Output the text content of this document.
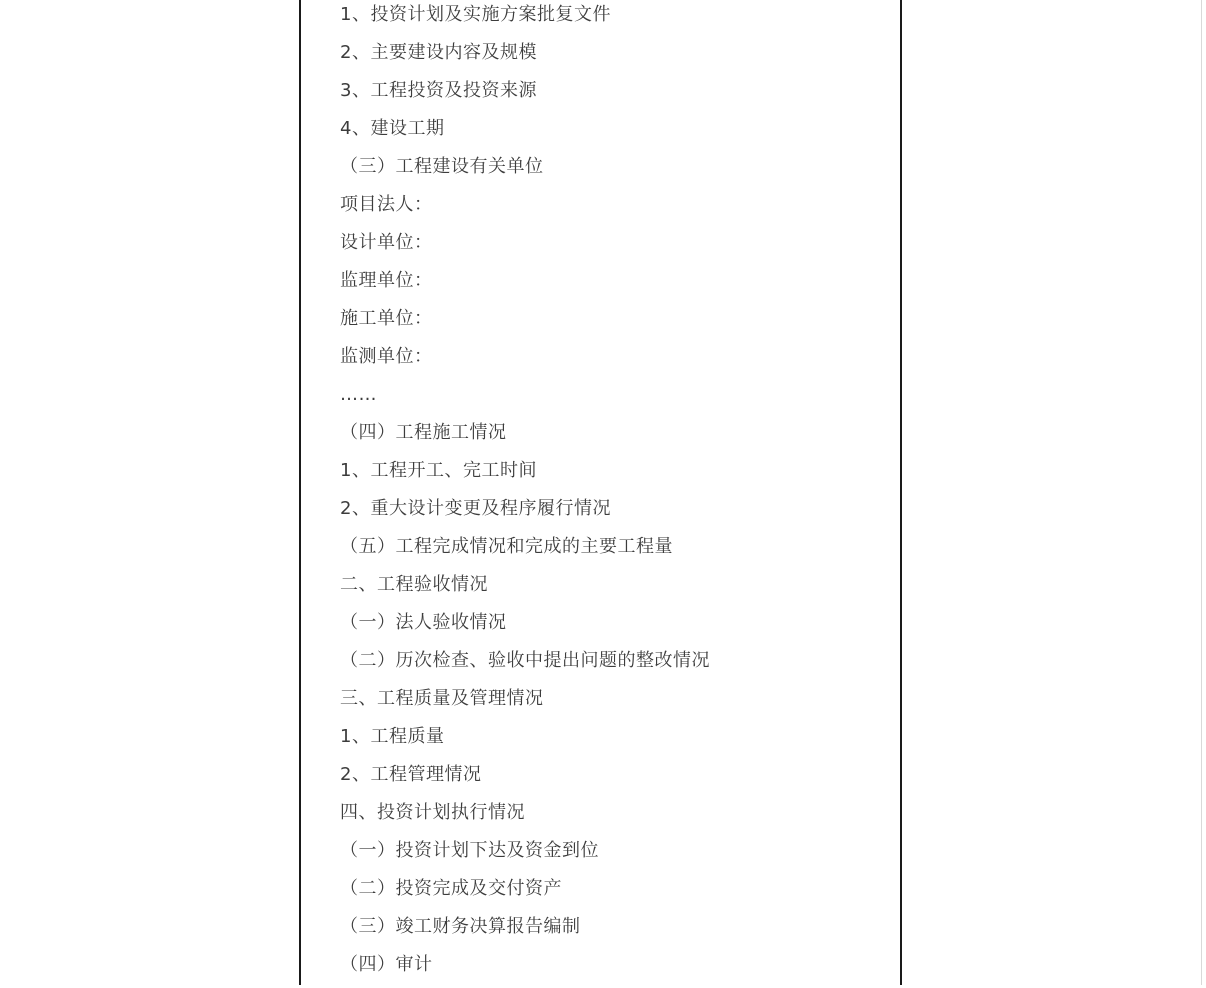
1、投资计划及实施方案批复文件
2、主要建设内容及规模
3、工程投资及投资来源
4、建设工期
（三）工程建设有关单位
项目法人：
设计单位：
监理单位：
施工单位：
监测单位：
……
（四）工程施工情况
1、工程开工、完工时间
2、重大设计变更及程序履行情况
（五）工程完成情况和完成的主要工程量
二、工程验收情况
（一）法人验收情况
（二）历次检查、验收中提出问题的整改情况
三、工程质量及管理情况
1、工程质量
2、工程管理情况
四、投资计划执行情况
（一）投资计划下达及资金到位
（二）投资完成及交付资产
（三）竣工财务决算报告编制
（四）审计
